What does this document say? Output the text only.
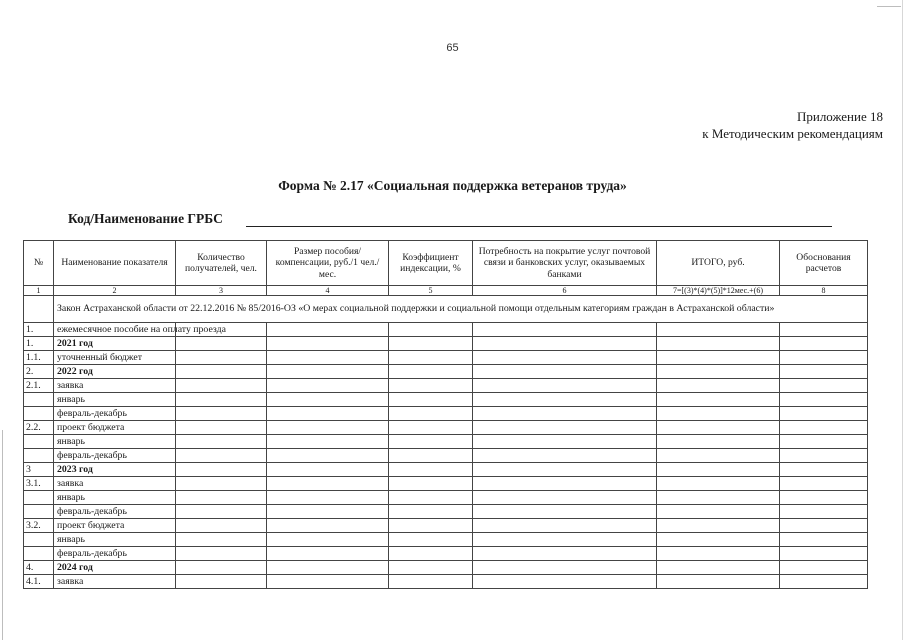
65
Приложение 18
к Методическим рекомендациям
Форма № 2.17 «Социальная поддержка ветеранов труда»
Код/Наименование ГРБС
№	Наименование показателя	Количество получателей, чел.	Размер пособия/компенсации, руб./1 чел./мес.	Коэффициент индексации, %	Потребность на покрытие услуг почтовой связи и банковских услуг, оказываемых банками	ИТОГО, руб.	Обоснования расчетов
1	2	3	4	5	6	7=[(3)*(4)*(5)]*12мес.+(6)	8
	Закон Астраханской области от 22.12.2016 № 85/2016-ОЗ «О мерах социальной поддержки и социальной помощи отдельным категориям граждан в Астраханской области»						
1.	ежемесячное пособие на оплату проезда						
1.	2021 год						
1.1.	уточненный бюджет						
2.	2022 год						
2.1.	заявка						
	январь						
	февраль-декабрь						
2.2.	проект бюджета						
	январь						
	февраль-декабрь						
3	2023 год						
3.1.	заявка						
	январь						
	февраль-декабрь						
3.2.	проект бюджета						
	январь						
	февраль-декабрь						
4.	2024 год						
4.1.	заявка						
